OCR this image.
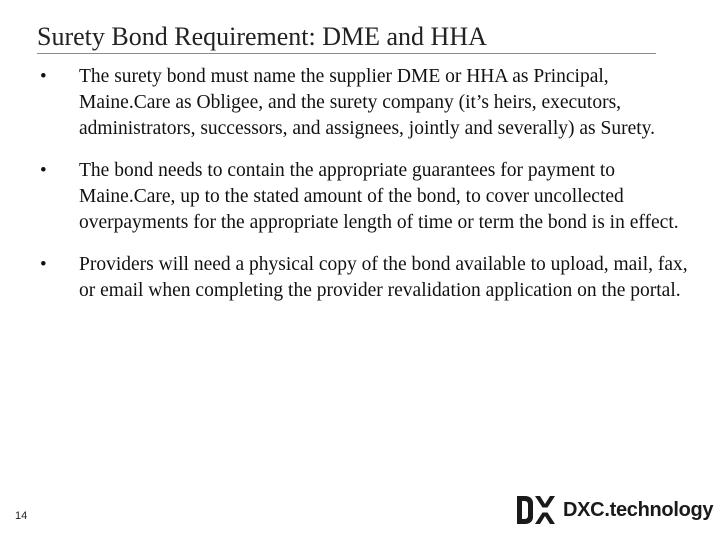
Surety Bond Requirement: DME and HHA
• The surety bond must name the supplier DME or HHA as Principal, Maine.Care as Obligee, and the surety company (it’s heirs, executors, administrators, successors, and assignees, jointly and severally) as Surety.
• The bond needs to contain the appropriate guarantees for payment to Maine.Care, up to the stated amount of the bond, to cover uncollected overpayments for the appropriate length of time or term the bond is in effect.
• Providers will need a physical copy of the bond available to upload, mail, fax, or email when completing the provider revalidation application on the portal.
14	DXC.technology
